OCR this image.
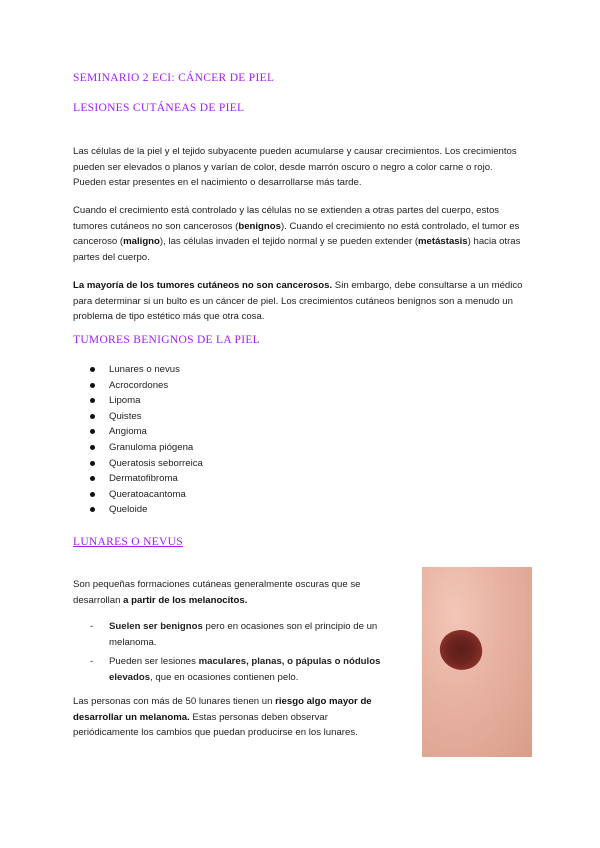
SEMINARIO 2 ECI: CÁNCER DE PIEL
LESIONES CUTÁNEAS DE PIEL
Las células de la piel y el tejido subyacente pueden acumularse y causar crecimientos. Los crecimientos pueden ser elevados o planos y varían de color, desde marrón oscuro o negro a color carne o rojo. Pueden estar presentes en el nacimiento o desarrollarse más tarde.
Cuando el crecimiento está controlado y las células no se extienden a otras partes del cuerpo, estos tumores cutáneos no son cancerosos (benignos). Cuando el crecimiento no está controlado, el tumor es canceroso (maligno), las células invaden el tejido normal y se pueden extender (metástasis) hacia otras partes del cuerpo.
La mayoría de los tumores cutáneos no son cancerosos. Sin embargo, debe consultarse a un médico para determinar si un bulto es un cáncer de piel. Los crecimientos cutáneos benignos son a menudo un problema de tipo estético más que otra cosa.
TUMORES BENIGNOS DE LA PIEL
Lunares o nevus
Acrocordones
Lipoma
Quistes
Angioma
Granuloma piógena
Queratosis seborreica
Dermatofibroma
Queratoacantoma
Queloide
LUNARES O NEVUS
Son pequeñas formaciones cutáneas generalmente oscuras que se desarrollan a partir de los melanocitos.
- Suelen ser benignos pero en ocasiones son el principio de un melanoma.
- Pueden ser lesiones maculares, planas, o pápulas o nódulos elevados, que en ocasiones contienen pelo.
Las personas con más de 50 lunares tienen un riesgo algo mayor de desarrollar un melanoma. Estas personas deben observar periódicamente los cambios que puedan producirse en los lunares.
